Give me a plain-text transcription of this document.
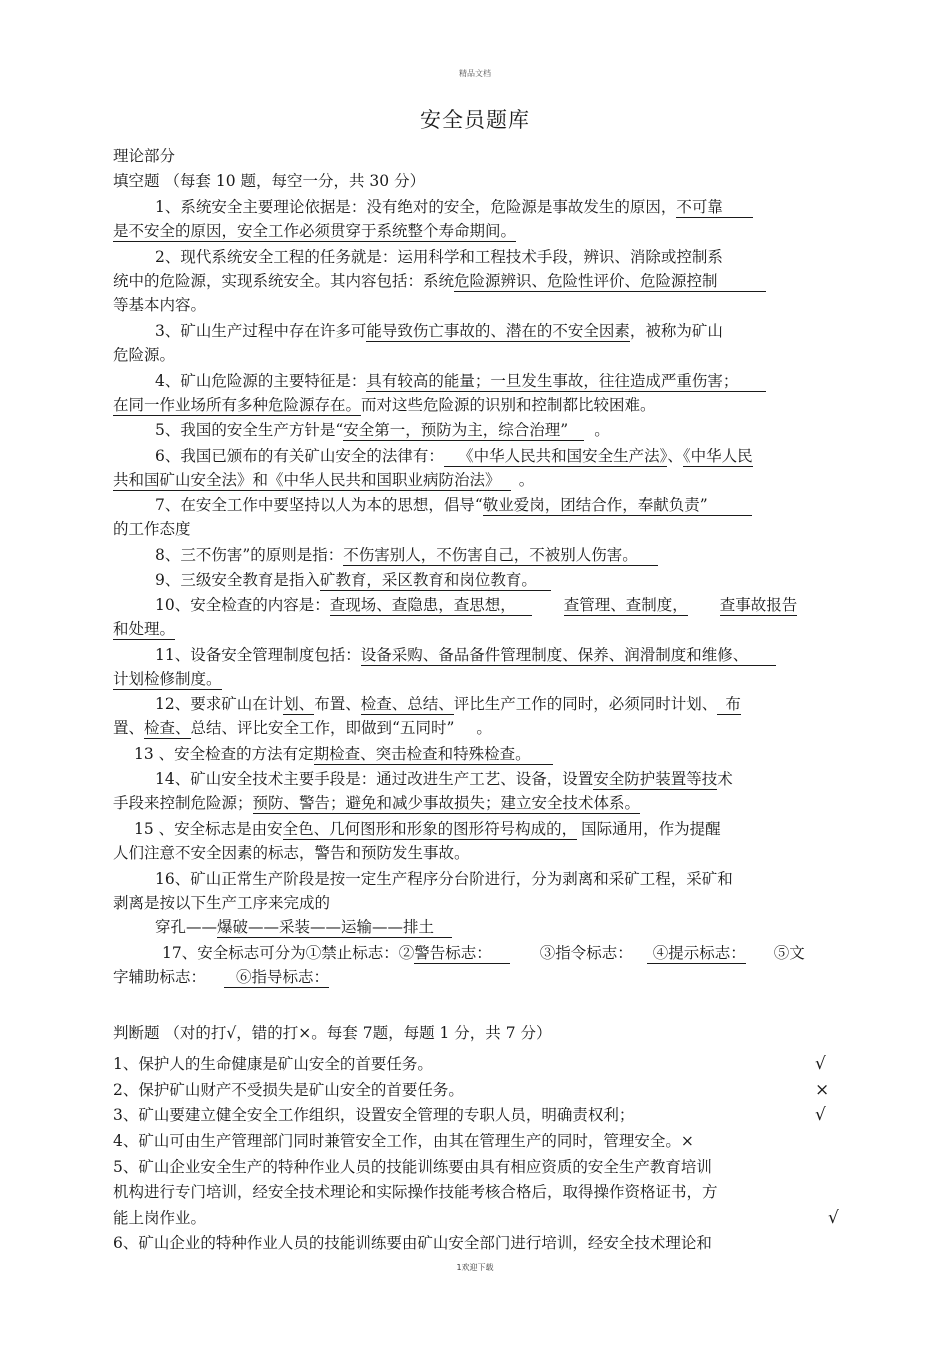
精品文档
安全员题库
理论部分
填空题 （每套 10 题，每空一分，共 30 分）
1、系统安全主要理论依据是：没有绝对的安全，危险源是事故发生的原因，不可靠
是不安全的原因，安全工作必须贯穿于系统整个寿命期间。
2、现代系统安全工程的任务就是：运用科学和工程技术手段，辨识、消除或控制系
统中的危险源，实现系统安全。其内容包括：系统危险源辨识、危险性评价、危险源控制
等基本内容。
3、矿山生产过程中存在许多可能导致伤亡事故的、潜在的不安全因素，被称为矿山
危险源。
4、矿山危险源的主要特征是：具有较高的能量；一旦发生事故，往往造成严重伤害；
在同一作业场所有多种危险源存在。而对这些危险源的识别和控制都比较困难。
5、我国的安全生产方针是“安全第一，预防为主，综合治理” 。
6、我国已颁布的有关矿山安全的法律有： 《中华人民共和国安全生产法》、《中华人民
共和国矿山安全法》和《中华人民共和国职业病防治法》 。
7、在安全工作中要坚持以人为本的思想，倡导“敬业爱岗，团结合作，奉献负责”
的工作态度
8、三不伤害”的原则是指：不伤害别人，不伤害自己，不被别人伤害。
9、三级安全教育是指入矿教育，采区教育和岗位教育。
10、安全检查的内容是：查现场、查隐患，查思想，	查管理、查制度， 查事故报告
和处理。
11、设备安全管理制度包括：设备采购、备品备件管理制度、保养、润滑制度和维修、
计划检修制度。
12、要求矿山在计划、布置、检查、总结、评比生产工作的同时，必须同时计划、 布
置、检查、总结、评比安全工作，即做到“五同时” 。
13 、安全检查的方法有定期检查、突击检查和特殊检查。
14、矿山安全技术主要手段是：通过改进生产工艺、设备，设置安全防护装置等技术
手段来控制危险源；预防、警告；避免和减少事故损失；建立安全技术体系。
15 、安全标志是由安全色、几何图形和形象的图形符号构成的， 国际通用，作为提醒
人们注意不安全因素的标志，警告和预防发生事故。
16、矿山正常生产阶段是按一定生产程序分台阶进行，分为剥离和采矿工程，采矿和
剥离是按以下生产工序来完成的
穿孔——爆破——采装——运输——排土
17、安全标志可分为①禁止标志：②警告标志：	③指令标志： ④提示标志： ⑤文
字辅助标志： ⑥指导标志：
判断题 （对的打√，错的打×。每套 7题，每题 1 分，共 7 分）
1、保护人的生命健康是矿山安全的首要任务。	√
2、保护矿山财产不受损失是矿山安全的首要任务。	×
3、矿山要建立健全安全工作组织，设置安全管理的专职人员，明确责权利；	√
4、矿山可由生产管理部门同时兼管安全工作，由其在管理生产的同时，管理安全。×
5、矿山企业安全生产的特种作业人员的技能训练要由具有相应资质的安全生产教育培训
机构进行专门培训，经安全技术理论和实际操作技能考核合格后，取得操作资格证书，方
能上岗作业。	√
6、矿山企业的特种作业人员的技能训练要由矿山安全部门进行培训，经安全技术理论和
1欢迎下载
